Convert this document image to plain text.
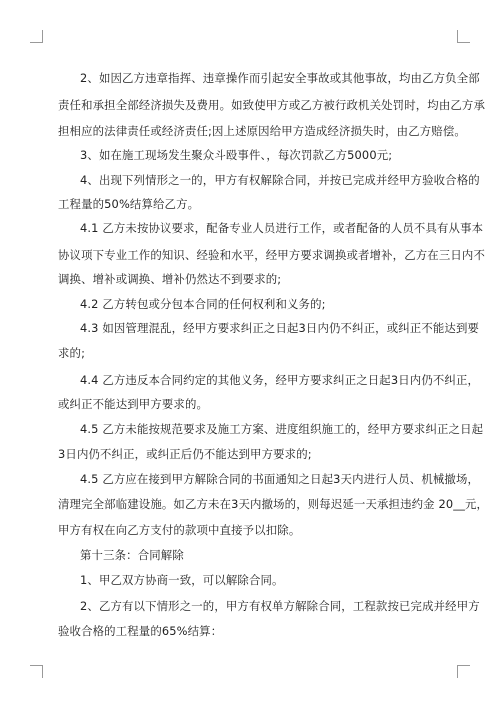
2、如因乙方违章指挥、违章操作而引起安全事故或其他事故，均由乙方负全部
责任和承担全部经济损失及费用。如致使甲方或乙方被行政机关处罚时，均由乙方承
担相应的法律责任或经济责任;因上述原因给甲方造成经济损失时，由乙方赔偿。
3、如在施工现场发生聚众斗殴事件、，每次罚款乙方5000元;
4、出现下列情形之一的，甲方有权解除合同，并按已完成并经甲方验收合格的
工程量的50%结算给乙方。
4.1 乙方未按协议要求，配备专业人员进行工作，或者配备的人员不具有从事本
协议项下专业工作的知识、经验和水平，经甲方要求调换或者增补，乙方在三日内不
调换、增补或调换、增补仍然达不到要求的;
4.2 乙方转包或分包本合同的任何权利和义务的;
4.3 如因管理混乱，经甲方要求纠正之日起3日内仍不纠正，或纠正不能达到要
求的;
4.4 乙方违反本合同约定的其他义务，经甲方要求纠正之日起3日内仍不纠正，
或纠正不能达到甲方要求的。
4.5 乙方未能按规范要求及施工方案、进度组织施工的，经甲方要求纠正之日起
3日内仍不纠正，或纠正后仍不能达到甲方要求的;
4.5 乙方应在接到甲方解除合同的书面通知之日起3天内进行人员、机械撤场，
清理完全部临建设施。如乙方未在3天内撤场的，则每迟延一天承担违约金 20__元，
甲方有权在向乙方支付的款项中直接予以扣除。
第十三条：合同解除
1、甲乙双方协商一致，可以解除合同。
2、乙方有以下情形之一的，甲方有权单方解除合同，工程款按已完成并经甲方
验收合格的工程量的65%结算：
